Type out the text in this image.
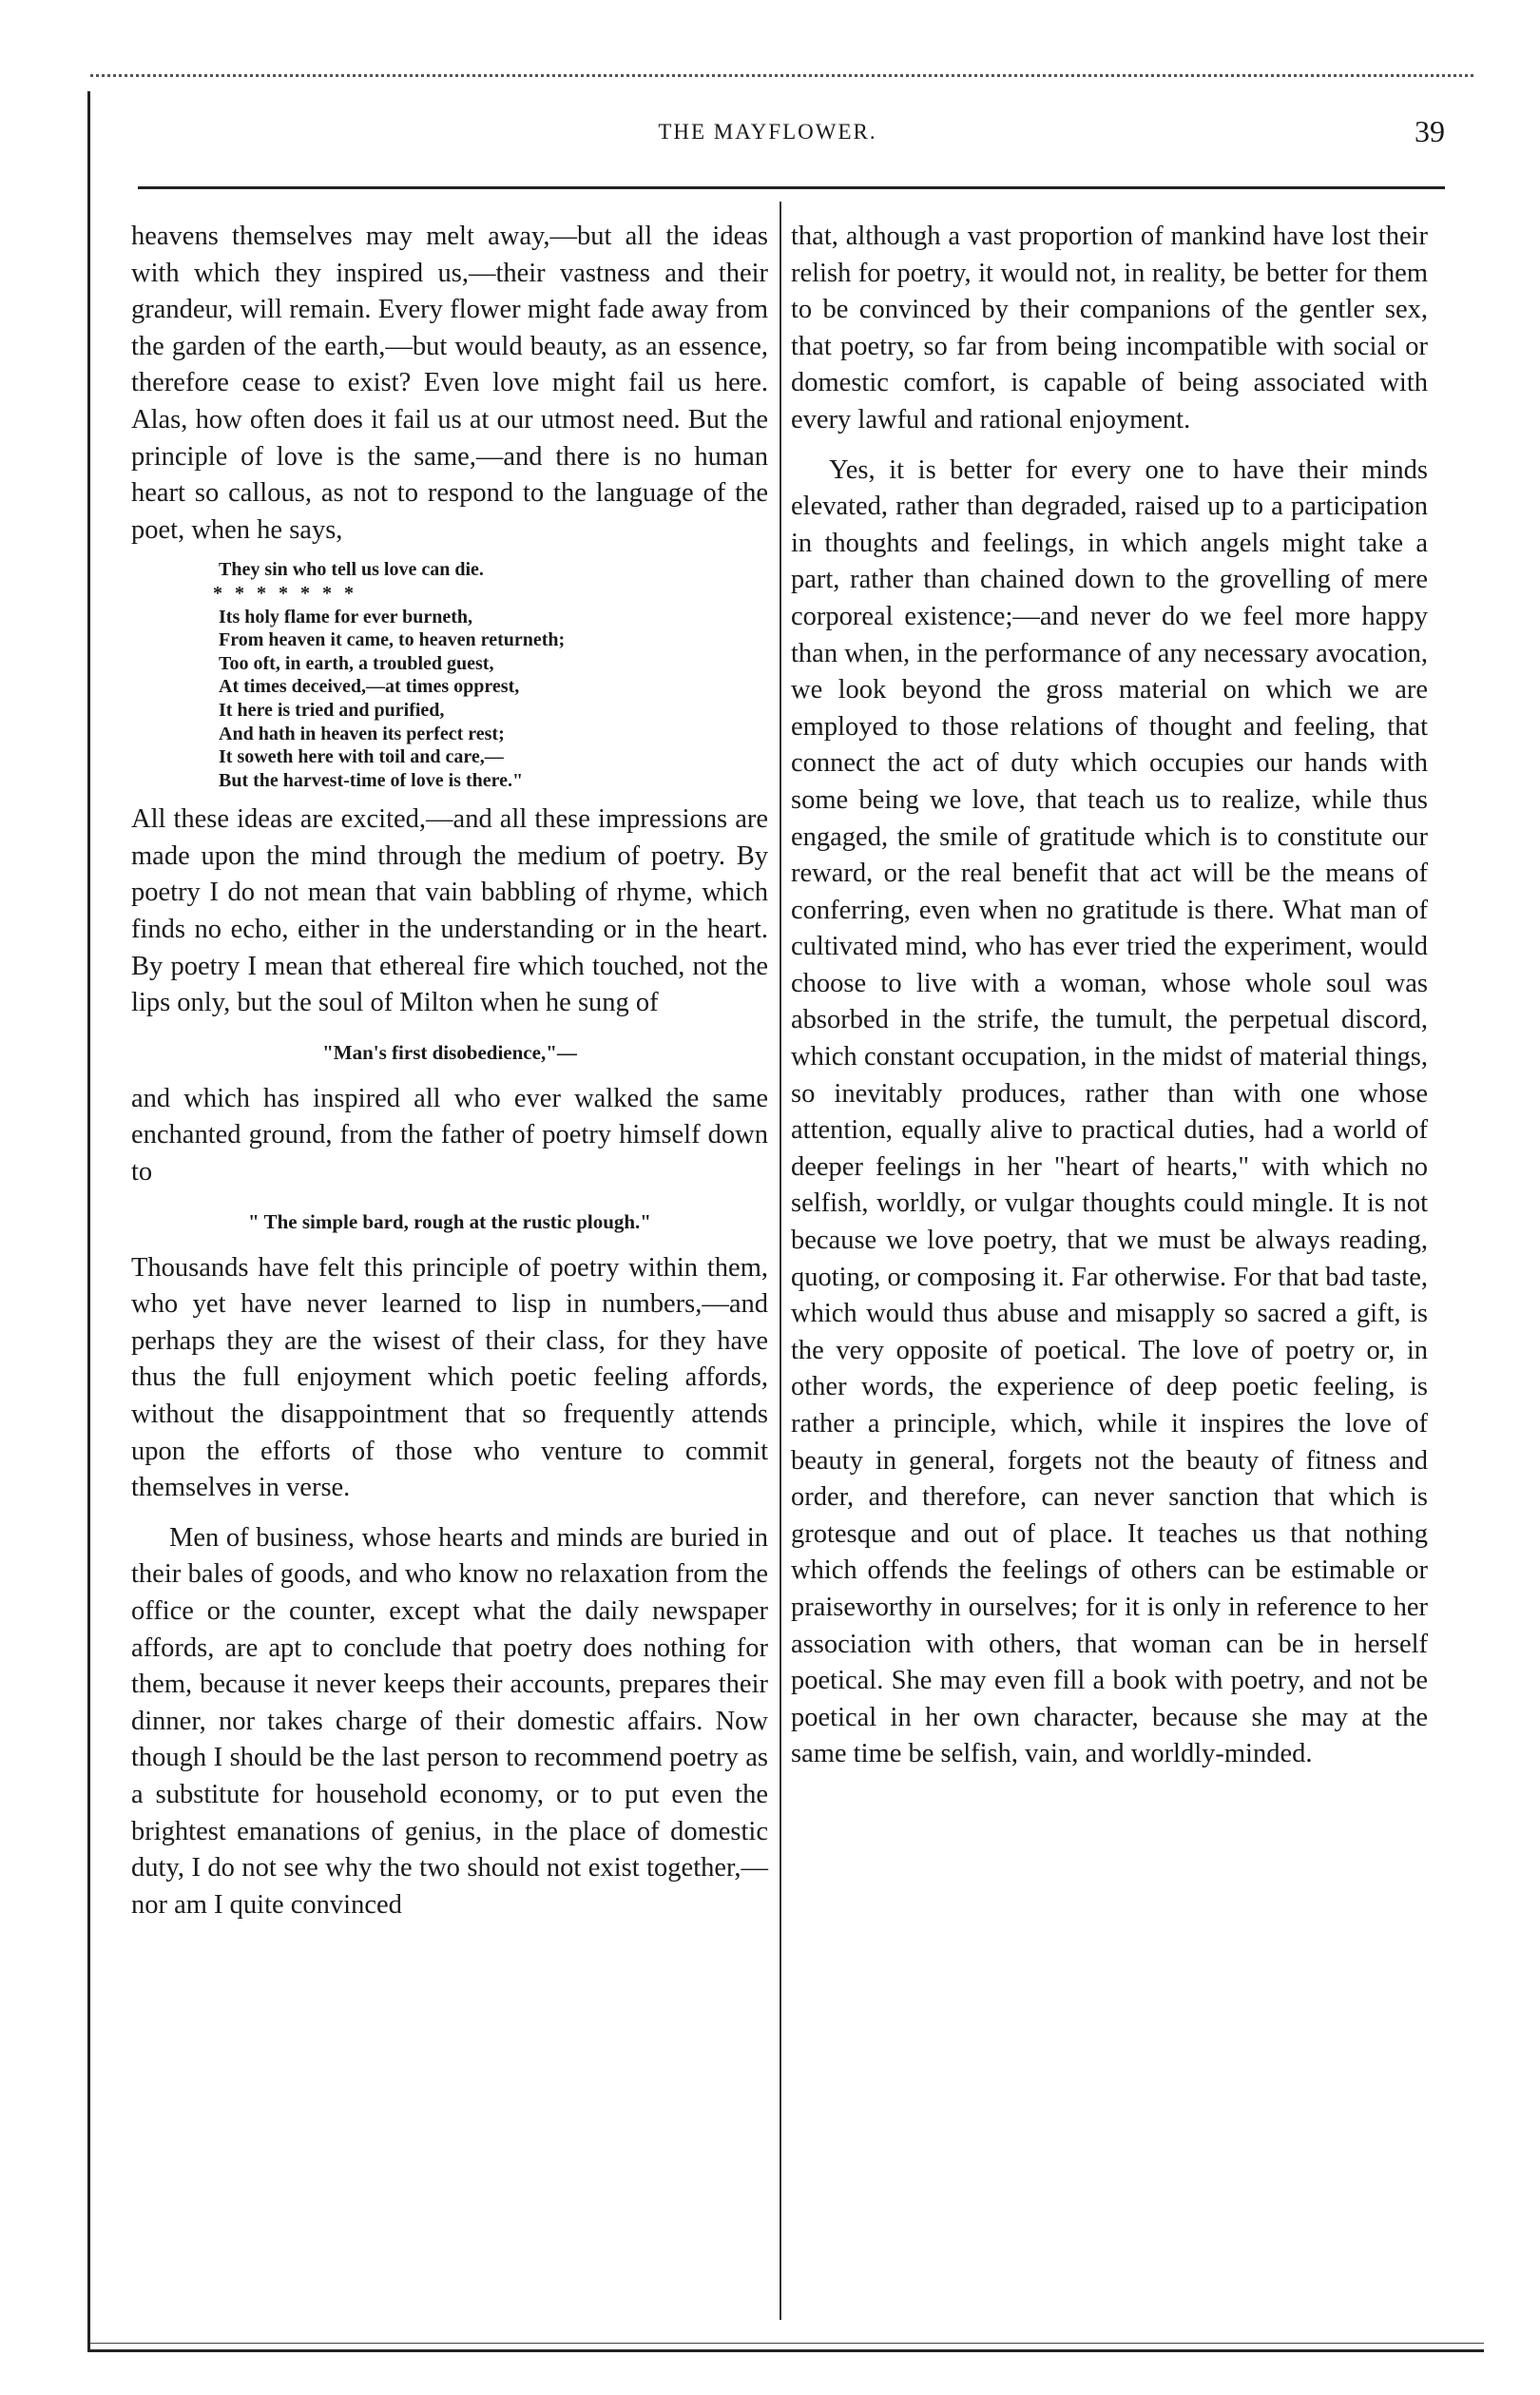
THE MAYFLOWER.	39

heavens themselves may melt away,—but all the ideas with which they inspired us,—their vastness and their grandeur, will remain. Every flower might fade away from the garden of the earth,—but would beauty, as an essence, therefore cease to exist? Even love might fail us here. Alas, how often does it fail us at our utmost need. But the principle of love is the same,—and there is no human heart so callous, as not to respond to the language of the poet, when he says,

They sin who tell us love can die.
* * * * * * *
Its holy flame for ever burneth,
From heaven it came, to heaven returneth;
Too oft, in earth, a troubled guest,
At times deceived,—at times opprest,
It here is tried and purified,
And hath in heaven its perfect rest;
It soweth here with toil and care,—
But the harvest-time of love is there."

All these ideas are excited,—and all these impressions are made upon the mind through the medium of poetry. By poetry I do not mean that vain babbling of rhyme, which finds no echo, either in the understanding or in the heart. By poetry I mean that ethereal fire which touched, not the lips only, but the soul of Milton when he sung of

"Man's first disobedience,"—

and which has inspired all who ever walked the same enchanted ground, from the father of poetry himself down to

" The simple bard, rough at the rustic plough."

Thousands have felt this principle of poetry within them, who yet have never learned to lisp in numbers,—and perhaps they are the wisest of their class, for they have thus the full enjoyment which poetic feeling affords, without the disappointment that so frequently attends upon the efforts of those who venture to commit themselves in verse.

Men of business, whose hearts and minds are buried in their bales of goods, and who know no relaxation from the office or the counter, except what the daily newspaper affords, are apt to conclude that poetry does nothing for them, because it never keeps their accounts, prepares their dinner, nor takes charge of their domestic affairs. Now though I should be the last person to recommend poetry as a substitute for household economy, or to put even the brightest emanations of genius, in the place of domestic duty, I do not see why the two should not exist together,—nor am I quite convinced

that, although a vast proportion of mankind have lost their relish for poetry, it would not, in reality, be better for them to be convinced by their companions of the gentler sex, that poetry, so far from being incompatible with social or domestic comfort, is capable of being associated with every lawful and rational enjoyment.

Yes, it is better for every one to have their minds elevated, rather than degraded, raised up to a participation in thoughts and feelings, in which angels might take a part, rather than chained down to the grovelling of mere corporeal existence;—and never do we feel more happy than when, in the performance of any necessary avocation, we look beyond the gross material on which we are employed to those relations of thought and feeling, that connect the act of duty which occupies our hands with some being we love, that teach us to realize, while thus engaged, the smile of gratitude which is to constitute our reward, or the real benefit that act will be the means of conferring, even when no gratitude is there. What man of cultivated mind, who has ever tried the experiment, would choose to live with a woman, whose whole soul was absorbed in the strife, the tumult, the perpetual discord, which constant occupation, in the midst of material things, so inevitably produces, rather than with one whose attention, equally alive to practical duties, had a world of deeper feelings in her "heart of hearts," with which no selfish, worldly, or vulgar thoughts could mingle. It is not because we love poetry, that we must be always reading, quoting, or composing it. Far otherwise. For that bad taste, which would thus abuse and misapply so sacred a gift, is the very opposite of poetical. The love of poetry or, in other words, the experience of deep poetic feeling, is rather a principle, which, while it inspires the love of beauty in general, forgets not the beauty of fitness and order, and therefore, can never sanction that which is grotesque and out of place. It teaches us that nothing which offends the feelings of others can be estimable or praiseworthy in ourselves; for it is only in reference to her association with others, that woman can be in herself poetical. She may even fill a book with poetry, and not be poetical in her own character, because she may at the same time be selfish, vain, and worldly-minded.
